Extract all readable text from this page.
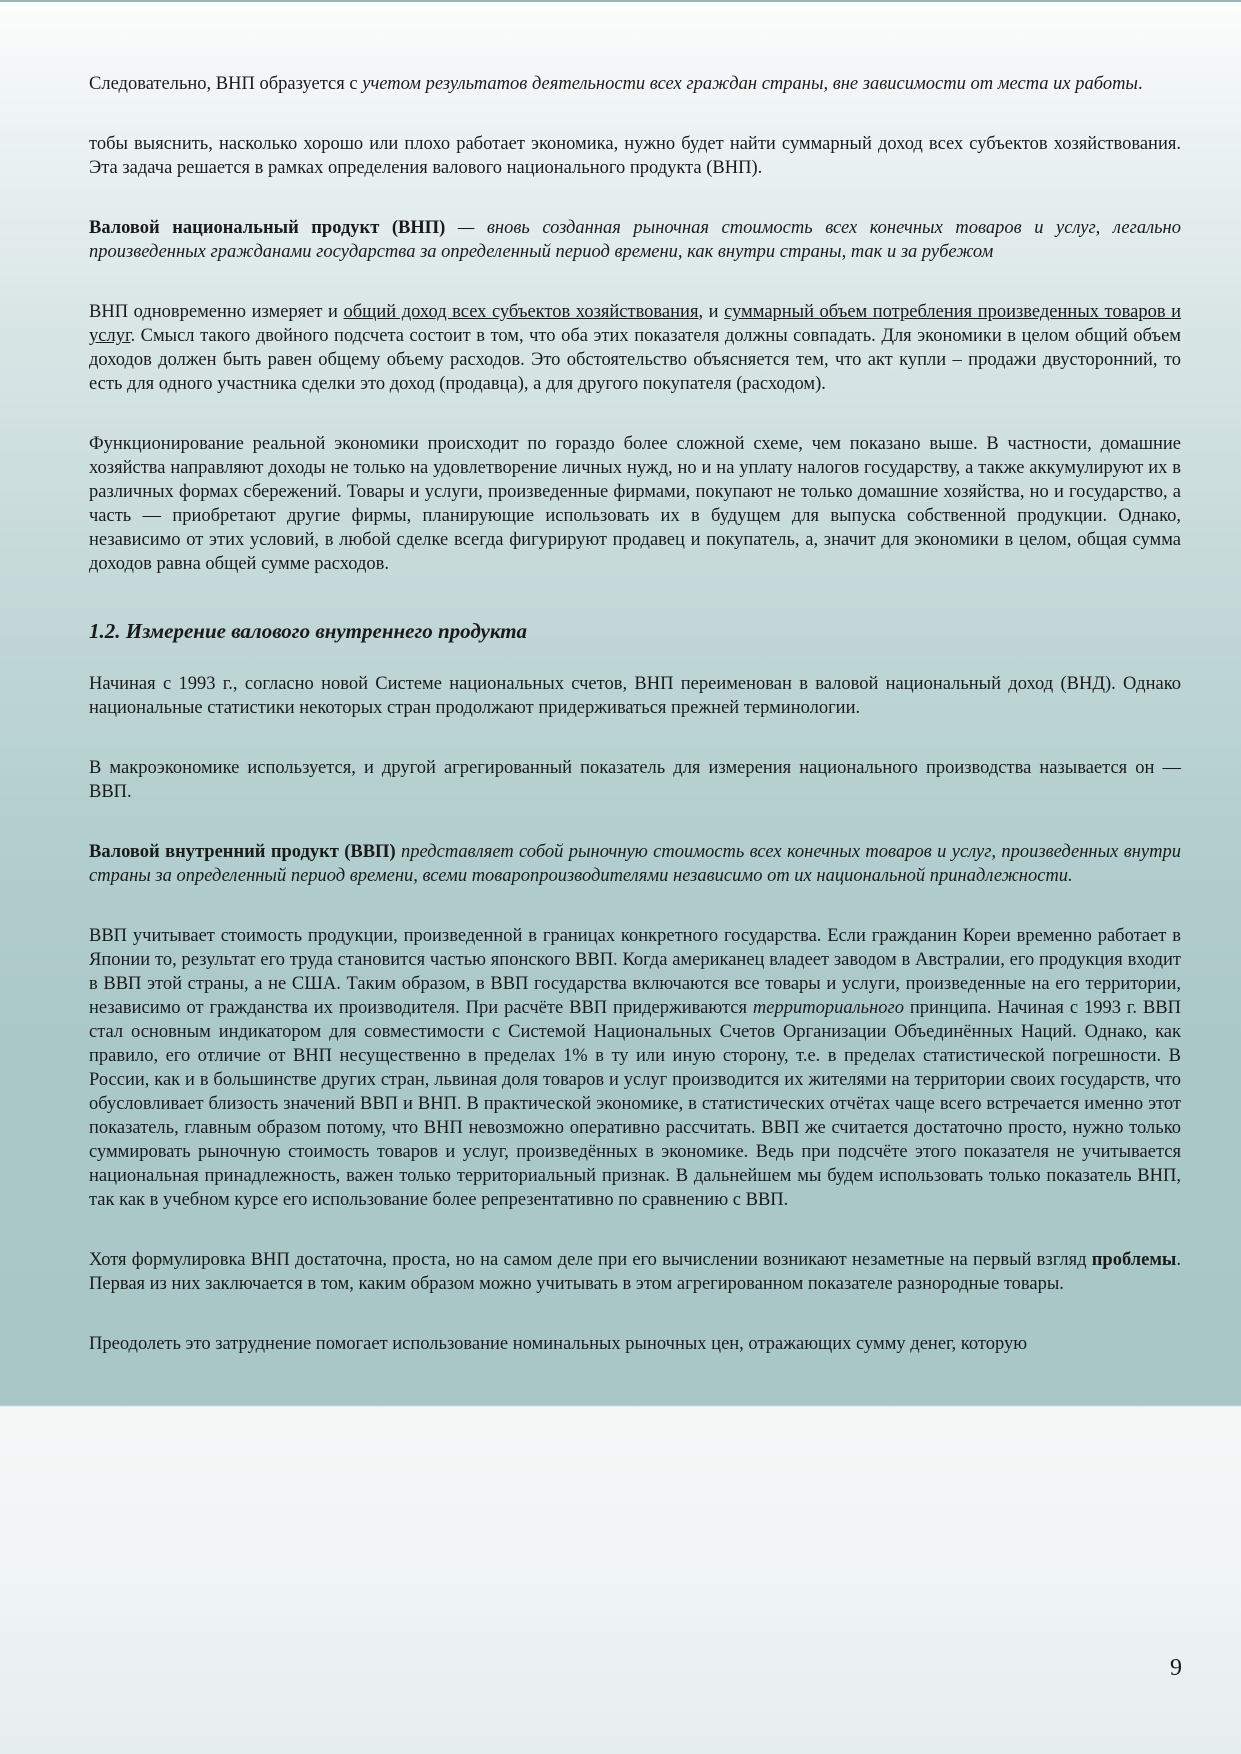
Следовательно, ВНП образуется с учетом результатов деятельности всех граждан страны, вне зависимости от места их работы.

тобы выяснить, насколько хорошо или плохо работает экономика, нужно будет найти суммарный доход всех субъектов хозяйствования. Эта задача решается в рамках определения валового национального продукта (ВНП).

Валовой национальный продукт (ВНП) — вновь созданная рыночная стоимость всех конечных товаров и услуг, легально произведенных гражданами государства за определенный период времени, как внутри страны, так и за рубежом

ВНП одновременно измеряет и общий доход всех субъектов хозяйствования, и суммарный объем потребления произведенных товаров и услуг. Смысл такого двойного подсчета состоит в том, что оба этих показателя должны совпадать. Для экономики в целом общий объем доходов должен быть равен общему объему расходов. Это обстоятельство объясняется тем, что акт купли – продажи двусторонний, то есть для одного участника сделки это доход (продавца), а для другого покупателя (расходом).

Функционирование реальной экономики происходит по гораздо более сложной схеме, чем показано выше. В частности, домашние хозяйства направляют доходы не только на удовлетворение личных нужд, но и на уплату налогов государству, а также аккумулируют их в различных формах сбережений. Товары и услуги, произведенные фирмами, покупают не только домашние хозяйства, но и государство, а часть — приобретают другие фирмы, планирующие использовать их в будущем для выпуска собственной продукции. Однако, независимо от этих условий, в любой сделке всегда фигурируют продавец и покупатель, а, значит для экономики в целом, общая сумма доходов равна общей сумме расходов.

1.2. Измерение валового внутреннего продукта

Начиная с 1993 г., согласно новой Системе национальных счетов, ВНП переименован в валовой национальный доход (ВНД). Однако национальные статистики некоторых стран продолжают придерживаться прежней терминологии.

В макроэкономике используется, и другой агрегированный показатель для измерения национального производства называется он — ВВП.

Валовой внутренний продукт (ВВП) представляет собой рыночную стоимость всех конечных товаров и услуг, произведенных внутри страны за определенный период времени, всеми товаропроизводителями независимо от их национальной принадлежности.

ВВП учитывает стоимость продукции, произведенной в границах конкретного государства. Если гражданин Кореи временно работает в Японии то, результат его труда становится частью японского ВВП. Когда американец владеет заводом в Австралии, его продукция входит в ВВП этой страны, а не США. Таким образом, в ВВП государства включаются все товары и услуги, произведенные на его территории, независимо от гражданства их производителя. При расчёте ВВП придерживаются территориального принципа. Начиная с 1993 г. ВВП стал основным индикатором для совместимости с Системой Национальных Счетов Организации Объединённых Наций. Однако, как правило, его отличие от ВНП несущественно в пределах 1% в ту или иную сторону, т.е. в пределах статистической погрешности. В России, как и в большинстве других стран, львиная доля товаров и услуг производится их жителями на территории своих государств, что обусловливает близость значений ВВП и ВНП. В практической экономике, в статистических отчётах чаще всего встречается именно этот показатель, главным образом потому, что ВНП невозможно оперативно рассчитать. ВВП же считается достаточно просто, нужно только суммировать рыночную стоимость товаров и услуг, произведённых в экономике. Ведь при подсчёте этого показателя не учитывается национальная принадлежность, важен только территориальный признак. В дальнейшем мы будем использовать только показатель ВНП, так как в учебном курсе его использование более репрезентативно по сравнению с ВВП.

Хотя формулировка ВНП достаточна, проста, но на самом деле при его вычислении возникают незаметные на первый взгляд проблемы. Первая из них заключается в том, каким образом можно учитывать в этом агрегированном показателе разнородные товары.

Преодолеть это затруднение помогает использование номинальных рыночных цен, отражающих сумму денег, которую

9
